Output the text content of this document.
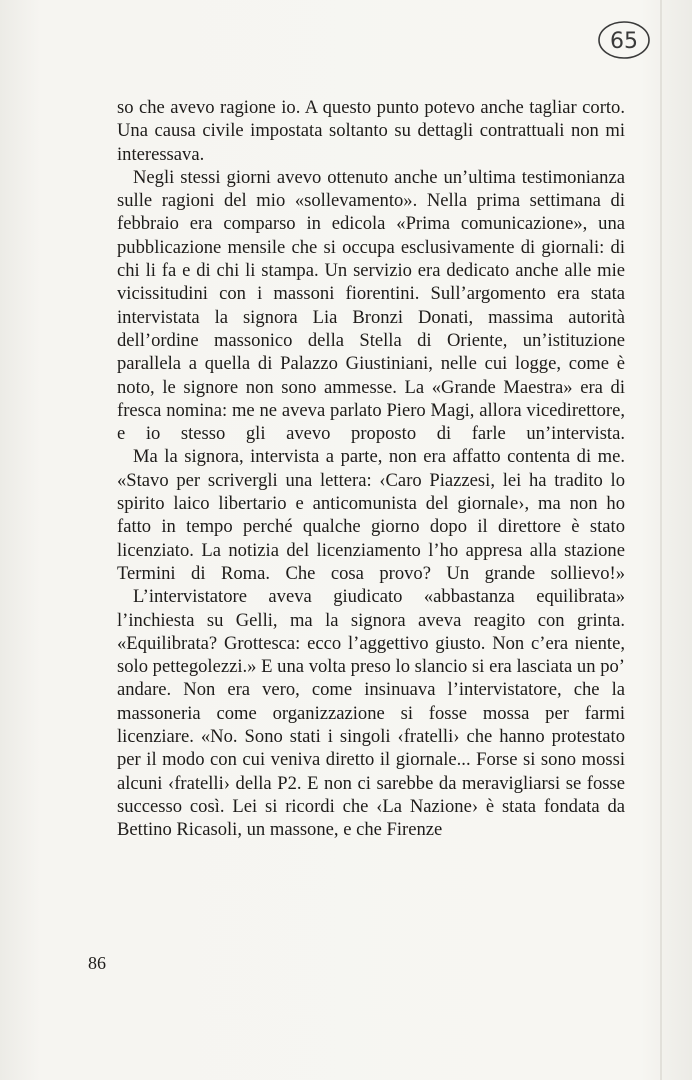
65

so che avevo ragione io. A questo punto potevo anche tagliar corto. Una causa civile impostata soltanto su dettagli contrattuali non mi interessava.

Negli stessi giorni avevo ottenuto anche un’ultima testimonianza sulle ragioni del mio «sollevamento». Nella prima settimana di febbraio era comparso in edicola «Prima comunicazione», una pubblicazione mensile che si occupa esclusivamente di giornali: di chi li fa e di chi li stampa. Un servizio era dedicato anche alle mie vicissitudini con i massoni fiorentini. Sull’argomento era stata intervistata la signora Lia Bronzi Donati, massima autorità dell’ordine massonico della Stella di Oriente, un’istituzione parallela a quella di Palazzo Giustiniani, nelle cui logge, come è noto, le signore non sono ammesse. La «Grande Maestra» era di fresca nomina: me ne aveva parlato Piero Magi, allora vicedirettore, e io stesso gli avevo proposto di farle un’intervista.

Ma la signora, intervista a parte, non era affatto contenta di me. «Stavo per scrivergli una lettera: ‹Caro Piazzesi, lei ha tradito lo spirito laico libertario e anticomunista del giornale›, ma non ho fatto in tempo perché qualche giorno dopo il direttore è stato licenziato. La notizia del licenziamento l’ho appresa alla stazione Termini di Roma. Che cosa provo? Un grande sollievo!»

L’intervistatore aveva giudicato «abbastanza equilibrata» l’inchiesta su Gelli, ma la signora aveva reagito con grinta. «Equilibrata? Grottesca: ecco l’aggettivo giusto. Non c’era niente, solo pettegolezzi.» E una volta preso lo slancio si era lasciata un po’ andare. Non era vero, come insinuava l’intervistatore, che la massoneria come organizzazione si fosse mossa per farmi licenziare. «No. Sono stati i singoli ‹fratelli› che hanno protestato per il modo con cui veniva diretto il giornale... Forse si sono mossi alcuni ‹fratelli› della P2. E non ci sarebbe da meravigliarsi se fosse successo così. Lei si ricordi che ‹La Nazione› è stata fondata da Bettino Ricasoli, un massone, e che Firenze

86
